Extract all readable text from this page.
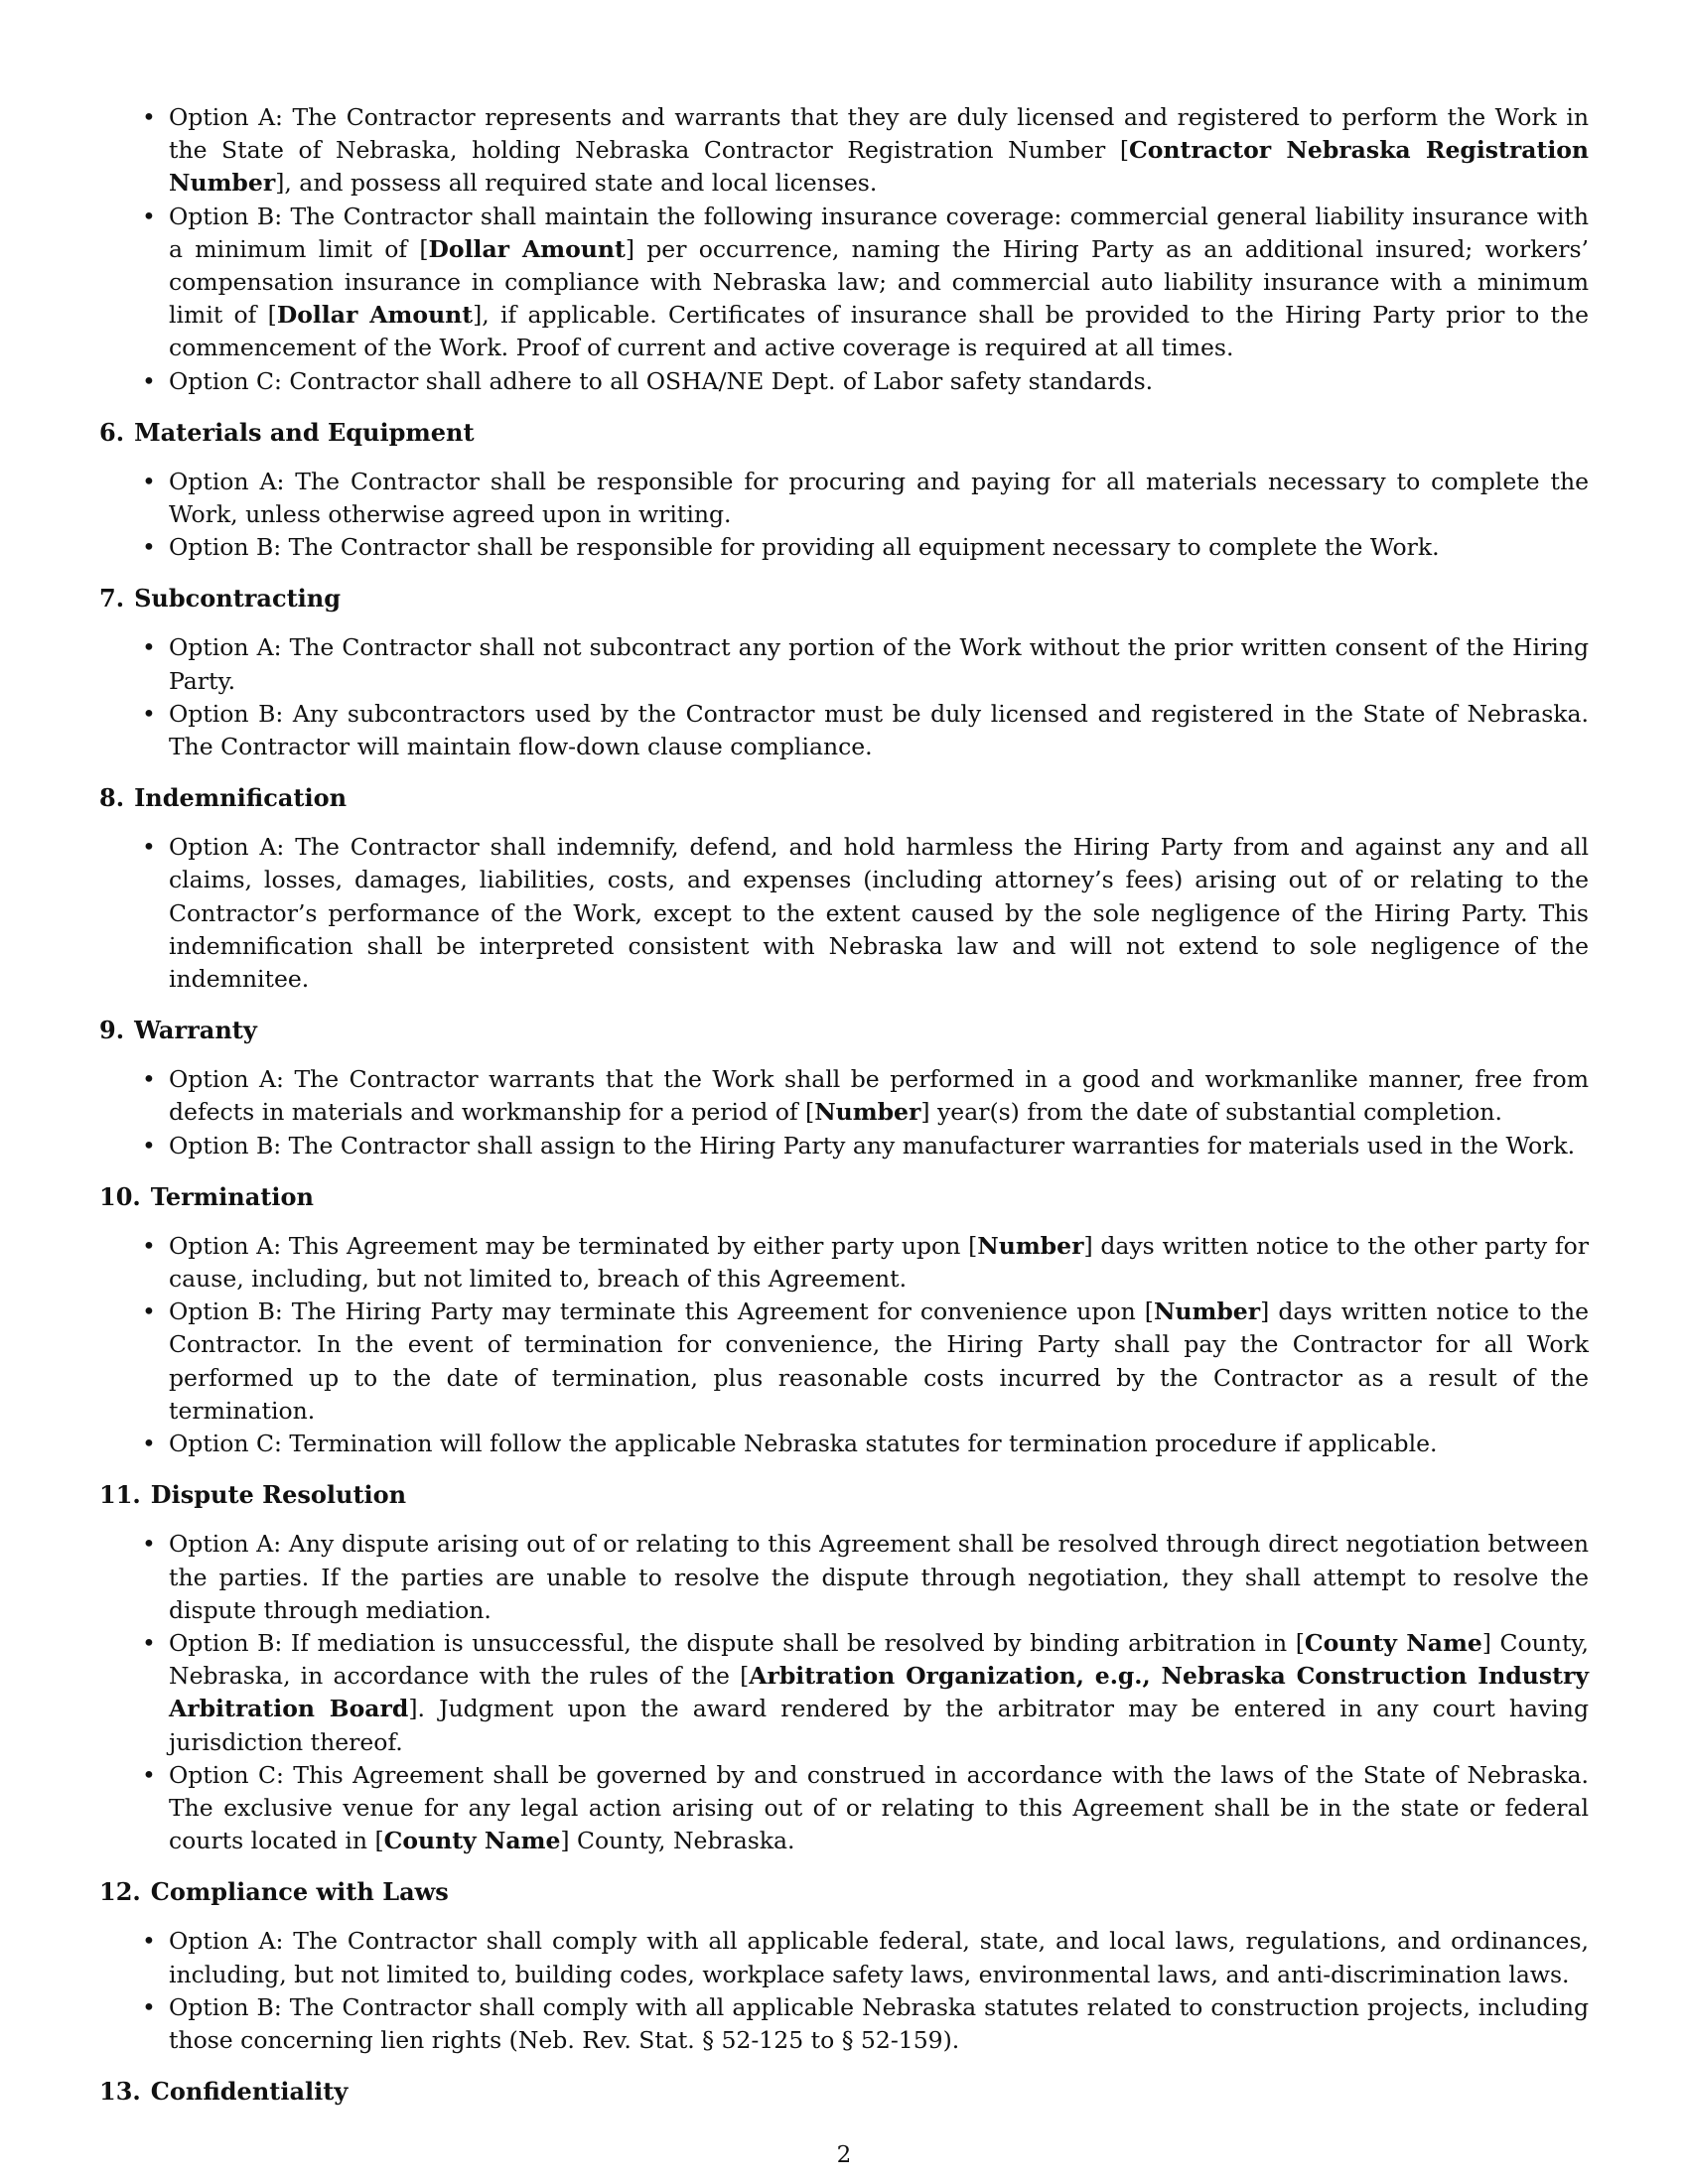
• Option A: The Contractor represents and warrants that they are duly licensed and registered to perform the Work in the State of Nebraska, holding Nebraska Contractor Registration Number [Contractor Nebraska Registration Number], and possess all required state and local licenses.
• Option B: The Contractor shall maintain the following insurance coverage: commercial general liability insurance with a minimum limit of [Dollar Amount] per occurrence, naming the Hiring Party as an additional insured; workers’ compensation insurance in compliance with Nebraska law; and commercial auto liability insurance with a minimum limit of [Dollar Amount], if applicable. Certificates of insurance shall be provided to the Hiring Party prior to the commencement of the Work. Proof of current and active coverage is required at all times.
• Option C: Contractor shall adhere to all OSHA/NE Dept. of Labor safety standards.
6. Materials and Equipment
• Option A: The Contractor shall be responsible for procuring and paying for all materials necessary to complete the Work, unless otherwise agreed upon in writing.
• Option B: The Contractor shall be responsible for providing all equipment necessary to complete the Work.
7. Subcontracting
• Option A: The Contractor shall not subcontract any portion of the Work without the prior written consent of the Hiring Party.
• Option B: Any subcontractors used by the Contractor must be duly licensed and registered in the State of Nebraska. The Contractor will maintain flow-down clause compliance.
8. Indemnification
• Option A: The Contractor shall indemnify, defend, and hold harmless the Hiring Party from and against any and all claims, losses, damages, liabilities, costs, and expenses (including attorney’s fees) arising out of or relating to the Contractor’s performance of the Work, except to the extent caused by the sole negligence of the Hiring Party. This indemnification shall be interpreted consistent with Nebraska law and will not extend to sole negligence of the indemnitee.
9. Warranty
• Option A: The Contractor warrants that the Work shall be performed in a good and workmanlike manner, free from defects in materials and workmanship for a period of [Number] year(s) from the date of substantial completion.
• Option B: The Contractor shall assign to the Hiring Party any manufacturer warranties for materials used in the Work.
10. Termination
• Option A: This Agreement may be terminated by either party upon [Number] days written notice to the other party for cause, including, but not limited to, breach of this Agreement.
• Option B: The Hiring Party may terminate this Agreement for convenience upon [Number] days written notice to the Contractor. In the event of termination for convenience, the Hiring Party shall pay the Contractor for all Work performed up to the date of termination, plus reasonable costs incurred by the Contractor as a result of the termination.
• Option C: Termination will follow the applicable Nebraska statutes for termination procedure if applicable.
11. Dispute Resolution
• Option A: Any dispute arising out of or relating to this Agreement shall be resolved through direct negotiation between the parties. If the parties are unable to resolve the dispute through negotiation, they shall attempt to resolve the dispute through mediation.
• Option B: If mediation is unsuccessful, the dispute shall be resolved by binding arbitration in [County Name] County, Nebraska, in accordance with the rules of the [Arbitration Organization, e.g., Nebraska Construction Industry Arbitration Board]. Judgment upon the award rendered by the arbitrator may be entered in any court having jurisdiction thereof.
• Option C: This Agreement shall be governed by and construed in accordance with the laws of the State of Nebraska. The exclusive venue for any legal action arising out of or relating to this Agreement shall be in the state or federal courts located in [County Name] County, Nebraska.
12. Compliance with Laws
• Option A: The Contractor shall comply with all applicable federal, state, and local laws, regulations, and ordinances, including, but not limited to, building codes, workplace safety laws, environmental laws, and anti-discrimination laws.
• Option B: The Contractor shall comply with all applicable Nebraska statutes related to construction projects, including those concerning lien rights (Neb. Rev. Stat. § 52-125 to § 52-159).
13. Confidentiality
2
